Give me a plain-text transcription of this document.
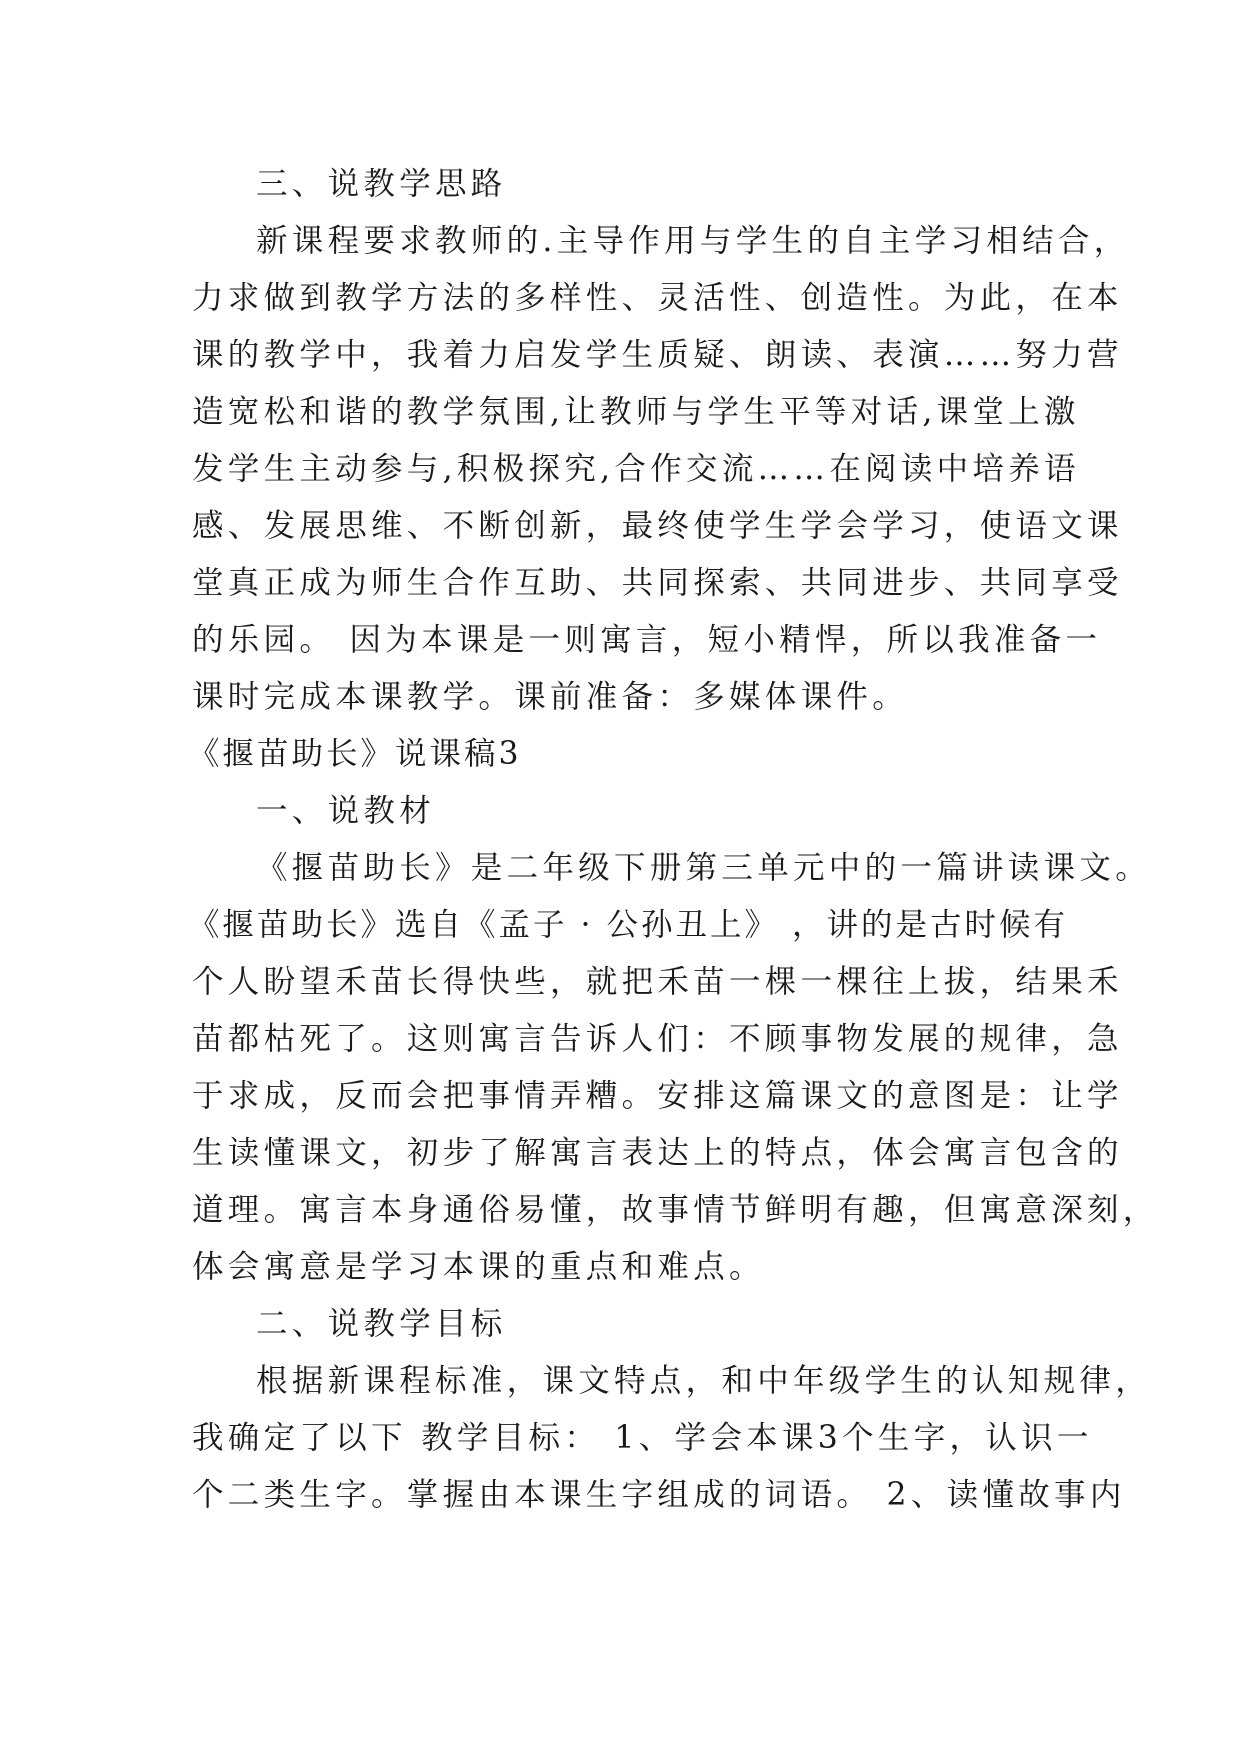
三、说教学思路
新课程要求教师的.主导作用与学生的自主学习相结合，
力求做到教学方法的多样性、灵活性、创造性。为此，在本
课的教学中，我着力启发学生质疑、朗读、表演……努力营
造宽松和谐的教学氛围,让教师与学生平等对话,课堂上激
发学生主动参与,积极探究,合作交流……在阅读中培养语
感、发展思维、不断创新，最终使学生学会学习，使语文课
堂真正成为师生合作互助、共同探索、共同进步、共同享受
的乐园。 因为本课是一则寓言，短小精悍，所以我准备一
课时完成本课教学。课前准备：多媒体课件。
《揠苗助长》说课稿3
一、说教材
《揠苗助长》是二年级下册第三单元中的一篇讲读课文。
《揠苗助长》选自《孟子 · 公孙丑上》 ，讲的是古时候有
个人盼望禾苗长得快些，就把禾苗一棵一棵往上拔，结果禾
苗都枯死了。这则寓言告诉人们：不顾事物发展的规律，急
于求成，反而会把事情弄糟。安排这篇课文的意图是：让学
生读懂课文，初步了解寓言表达上的特点，体会寓言包含的
道理。寓言本身通俗易懂，故事情节鲜明有趣，但寓意深刻，
体会寓意是学习本课的重点和难点。
二、说教学目标
根据新课程标准，课文特点，和中年级学生的认知规律，
我确定了以下 教学目标： 1、学会本课3个生字，认识一
个二类生字。掌握由本课生字组成的词语。 2、读懂故事内
